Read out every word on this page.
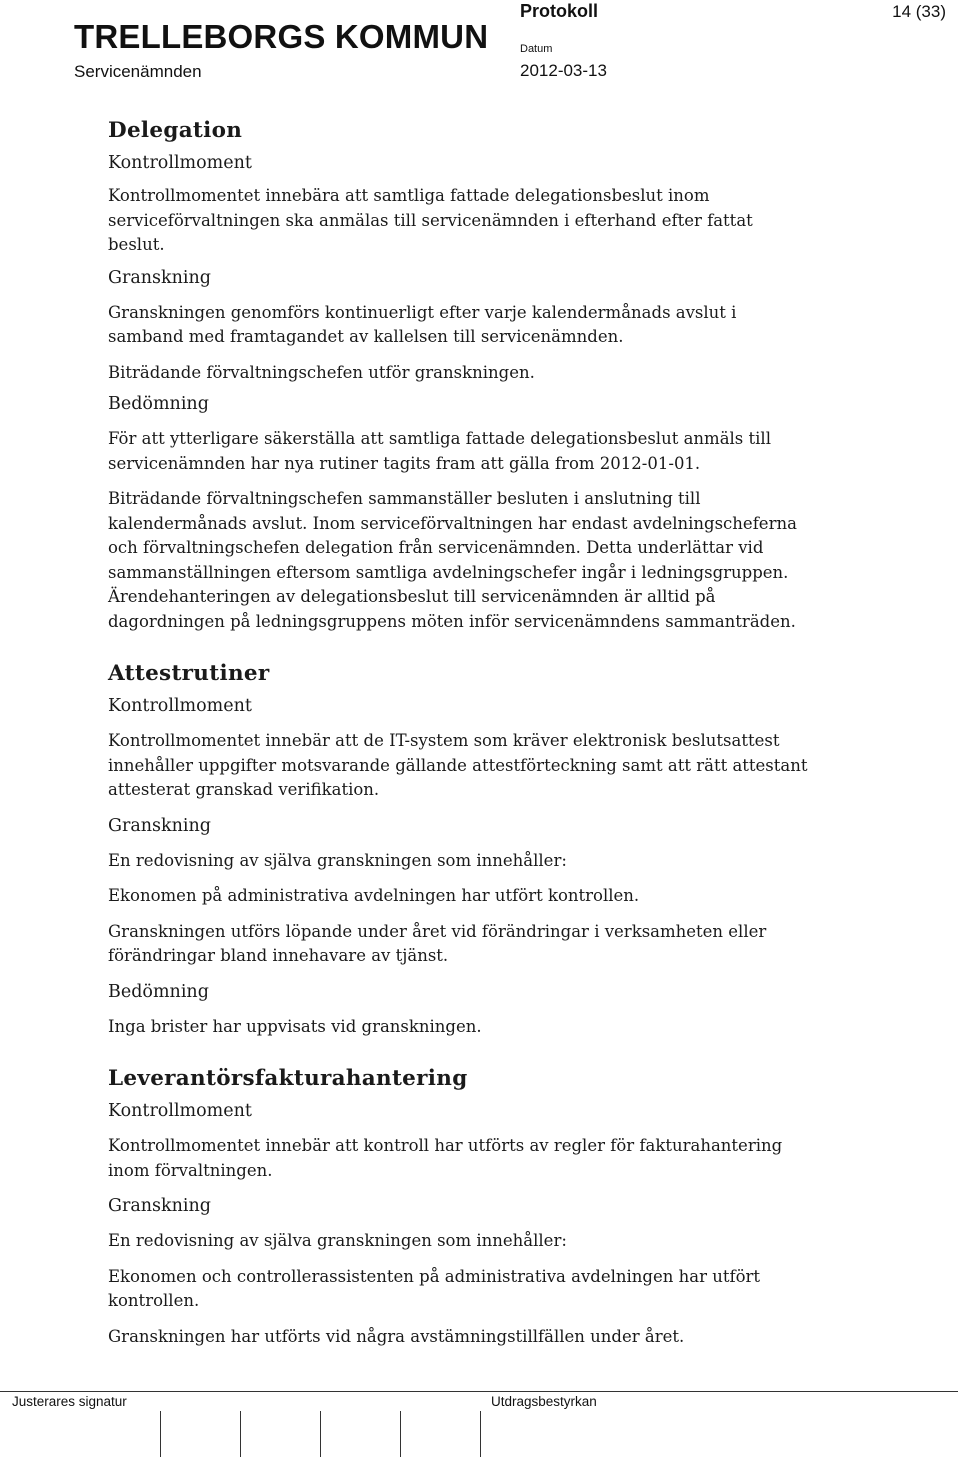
TRELLEBORGS KOMMUN
Servicenämnden
Protokoll
Datum
2012-03-13
14 (33)
Delegation
Kontrollmoment
Kontrollmomentet innebära att samtliga fattade delegationsbeslut inom serviceförvaltningen ska anmälas till servicenämnden i efterhand efter fattat beslut.
Granskning
Granskningen genomförs kontinuerligt efter varje kalendermånads avslut i samband med framtagandet av kallelsen till servicenämnden.
Biträdande förvaltningschefen utför granskningen.
Bedömning
För att ytterligare säkerställa att samtliga fattade delegationsbeslut anmäls till servicenämnden har nya rutiner tagits fram att gälla from 2012-01-01.
Biträdande förvaltningschefen sammanställer besluten i anslutning till kalendermånads avslut. Inom serviceförvaltningen har endast avdelningscheferna och förvaltningschefen delegation från servicenämnden. Detta underlättar vid sammanställningen eftersom samtliga avdelningschefer ingår i ledningsgruppen. Ärendehanteringen av delegationsbeslut till servicenämnden är alltid på dagordningen på ledningsgruppens möten inför servicenämndens sammanträden.
Attestrutiner
Kontrollmoment
Kontrollmomentet innebär att de IT-system som kräver elektronisk beslutsattest innehåller uppgifter motsvarande gällande attestförteckning samt att rätt attestant attesterat granskad verifikation.
Granskning
En redovisning av själva granskningen som innehåller:
Ekonomen på administrativa avdelningen har utfört kontrollen.
Granskningen utförs löpande under året vid förändringar i verksamheten eller förändringar bland innehavare av tjänst.
Bedömning
Inga brister har uppvisats vid granskningen.
Leverantörsfakturahantering
Kontrollmoment
Kontrollmomentet innebär att kontroll har utförts av regler för fakturahantering inom förvaltningen.
Granskning
En redovisning av själva granskningen som innehåller:
Ekonomen och controllerassistenten på administrativa avdelningen har utfört kontrollen.
Granskningen har utförts vid några avstämningstillfällen under året.
Justerares signatur	Utdragsbestyrkan
